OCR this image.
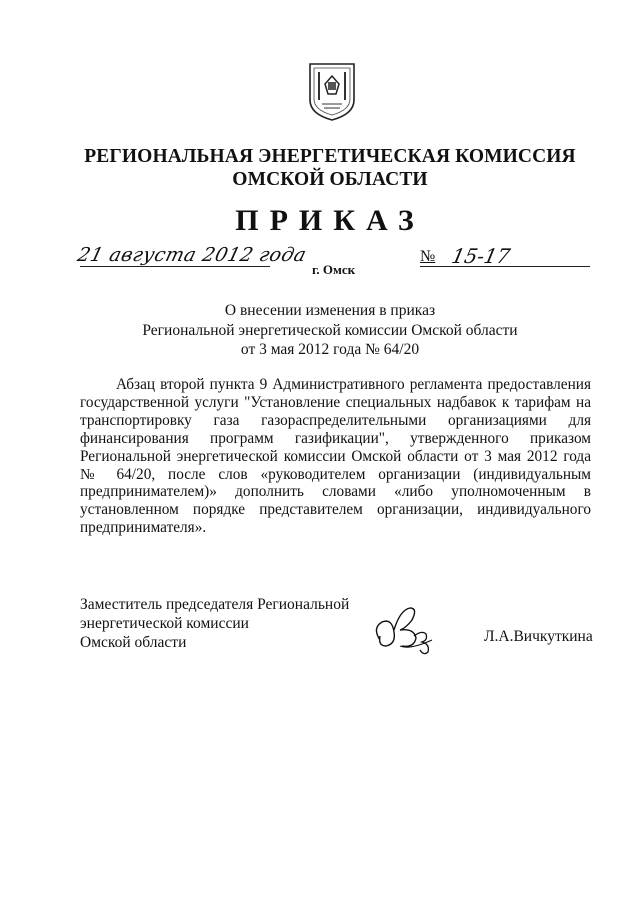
РЕГИОНАЛЬНАЯ ЭНЕРГЕТИЧЕСКАЯ КОМИССИЯ
ОМСКОЙ ОБЛАСТИ
ПРИКАЗ
21 августа 2012 года	№ 15-17
г. Омск
О внесении изменения в приказ
Региональной энергетической комиссии Омской области
от 3 мая 2012 года № 64/20
Абзац второй пункта 9 Административного регламента предоставления государственной услуги "Установление специальных надбавок к тарифам на транспортировку газа газораспределительными организациями для финансирования программ газификации", утвержденного приказом Региональной энергетической комиссии Омской области от 3 мая 2012 года № 64/20, после слов «руководителем организации (индивидуальным предпринимателем)» дополнить словами «либо уполномоченным в установленном порядке представителем организации, индивидуального предпринимателя».
Заместитель председателя Региональной
энергетической комиссии
Омской области	Л.А.Вичкуткина
